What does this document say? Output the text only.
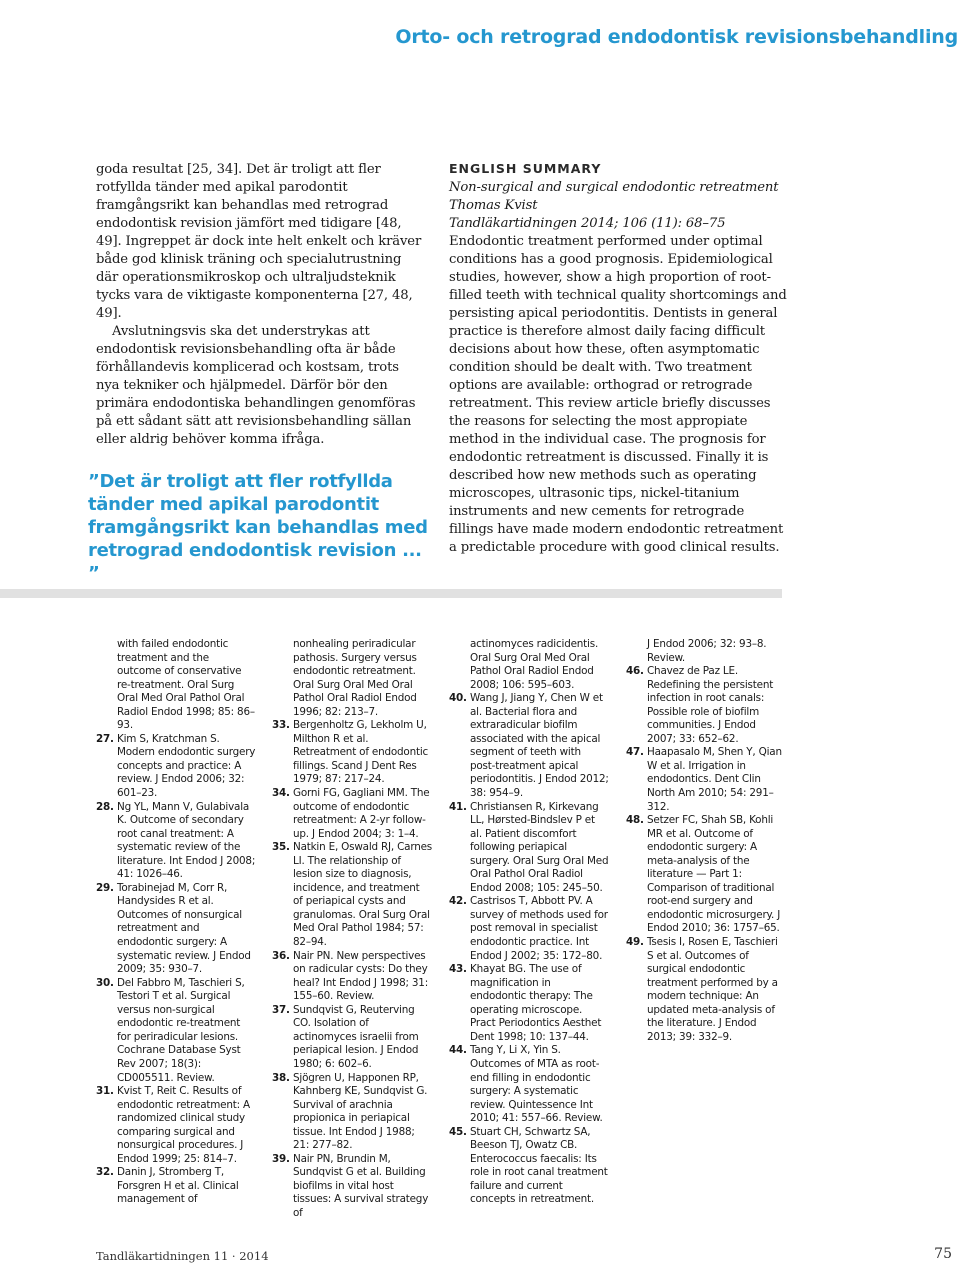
Orto- och retrograd endodontisk revisionsbehandling

goda resultat [25, 34]. Det är troligt att fler rotfyllda tänder med apikal parodontit framgångsrikt kan behandlas med retrograd endodontisk revision jämfört med tidigare [48, 49]. Ingreppet är dock inte helt enkelt och kräver både god klinisk träning och specialutrustning där operationsmikroskop och ultraljudsteknik tycks vara de viktigaste komponenterna [27, 48, 49].

Avslutningsvis ska det understrykas att endodontisk revisionsbehandling ofta är både förhållandevis komplicerad och kostsam, trots nya tekniker och hjälpmedel. Därför bör den primära endodontiska behandlingen genomföras på ett sådant sätt att revisionsbehandling sällan eller aldrig behöver komma ifråga.

”Det är troligt att fler rotfyllda tänder med apikal parodontit framgångsrikt kan behandlas med retrograd endodontisk revision ... ”

ENGLISH SUMMARY

Non-surgical and surgical endodontic retreatment

Thomas Kvist

Tandläkartidningen 2014; 106 (11): 68–75

Endodontic treatment performed under optimal conditions has a good prognosis. Epidemiological studies, however, show a high proportion of root-filled teeth with technical quality shortcomings and persisting apical periodontitis. Dentists in general practice is therefore almost daily facing difficult decisions about how these, often asymptomatic condition should be dealt with. Two treatment options are available: orthograd or retrograde retreatment. This review article briefly discusses the reasons for selecting the most appropiate method in the individual case. The prognosis for endodontic retreatment is discussed. Finally it is described how new methods such as operating microscopes, ultrasonic tips, nickel-titanium instruments and new cements for retrograde fillings have made modern endodontic retreatment a predictable procedure with good clinical results.

with failed endodontic treatment and the outcome of conservative re-treatment. Oral Surg Oral Med Oral Pathol Oral Radiol Endod 1998; 85: 86–93.
27. Kim S, Kratchman S. Modern endodontic surgery concepts and practice: A review. J Endod 2006; 32: 601–23.
28. Ng YL, Mann V, Gulabivala K. Outcome of secondary root canal treatment: A systematic review of the literature. Int Endod J 2008; 41: 1026–46.
29. Torabinejad M, Corr R, Handysides R et al. Outcomes of nonsurgical retreatment and endodontic surgery: A systematic review. J Endod 2009; 35: 930–7.
30. Del Fabbro M, Taschieri S, Testori T et al. Surgical versus non-surgical endodontic re-treatment for periradicular lesions. Cochrane Database Syst Rev 2007; 18(3): CD005511. Review.
31. Kvist T, Reit C. Results of endodontic retreatment: A randomized clinical study comparing surgical and nonsurgical procedures. J Endod 1999; 25: 814–7.
32. Danin J, Stromberg T, Forsgren H et al. Clinical management of
nonhealing periradicular pathosis. Surgery versus endodontic retreatment. Oral Surg Oral Med Oral Pathol Oral Radiol Endod 1996; 82: 213–7.
33. Bergenholtz G, Lekholm U, Milthon R et al. Retreatment of endodontic fillings. Scand J Dent Res 1979; 87: 217–24.
34. Gorni FG, Gagliani MM. The outcome of endodontic retreatment: A 2-yr follow-up. J Endod 2004; 3: 1–4.
35. Natkin E, Oswald RJ, Carnes LI. The relationship of lesion size to diagnosis, incidence, and treatment of periapical cysts and granulomas. Oral Surg Oral Med Oral Pathol 1984; 57: 82–94.
36. Nair PN. New perspectives on radicular cysts: Do they heal? Int Endod J 1998; 31: 155–60. Review.
37. Sundqvist G, Reuterving CO. Isolation of actinomyces israelii from periapical lesion. J Endod 1980; 6: 602–6.
38. Sjögren U, Happonen RP, Kahnberg KE, Sundqvist G. Survival of arachnia propionica in periapical tissue. Int Endod J 1988; 21: 277–82.
39. Nair PN, Brundin M, Sundqvist G et al. Building biofilms in vital host tissues: A survival strategy of
actinomyces radicidentis. Oral Surg Oral Med Oral Pathol Oral Radiol Endod 2008; 106: 595–603.
40. Wang J, Jiang Y, Chen W et al. Bacterial flora and extraradicular biofilm associated with the apical segment of teeth with post-treatment apical periodontitis. J Endod 2012; 38: 954–9.
41. Christiansen R, Kirkevang LL, Hørsted-Bindslev P et al. Patient discomfort following periapical surgery. Oral Surg Oral Med Oral Pathol Oral Radiol Endod 2008; 105: 245–50.
42. Castrisos T, Abbott PV. A survey of methods used for post removal in specialist endodontic practice. Int Endod J 2002; 35: 172–80.
43. Khayat BG. The use of magnification in endodontic therapy: The operating microscope. Pract Periodontics Aesthet Dent 1998; 10: 137–44.
44. Tang Y, Li X, Yin S. Outcomes of MTA as root-end filling in endodontic surgery: A systematic review. Quintessence Int 2010; 41: 557–66. Review.
45. Stuart CH, Schwartz SA, Beeson TJ, Owatz CB. Enterococcus faecalis: Its role in root canal treatment failure and current concepts in retreatment.
J Endod 2006; 32: 93–8. Review.
46. Chavez de Paz LE. Redefining the persistent infection in root canals: Possible role of biofilm communities. J Endod 2007; 33: 652–62.
47. Haapasalo M, Shen Y, Qian W et al. Irrigation in endodontics. Dent Clin North Am 2010; 54: 291–312.
48. Setzer FC, Shah SB, Kohli MR et al. Outcome of endodontic surgery: A meta-analysis of the literature — Part 1: Comparison of traditional root-end surgery and endodontic microsurgery. J Endod 2010; 36: 1757–65.
49. Tsesis I, Rosen E, Taschieri S et al. Outcomes of surgical endodontic treatment performed by a modern technique: An updated meta-analysis of the literature. J Endod 2013; 39: 332–9.
Tandläkartidningen 11 · 2014	75
